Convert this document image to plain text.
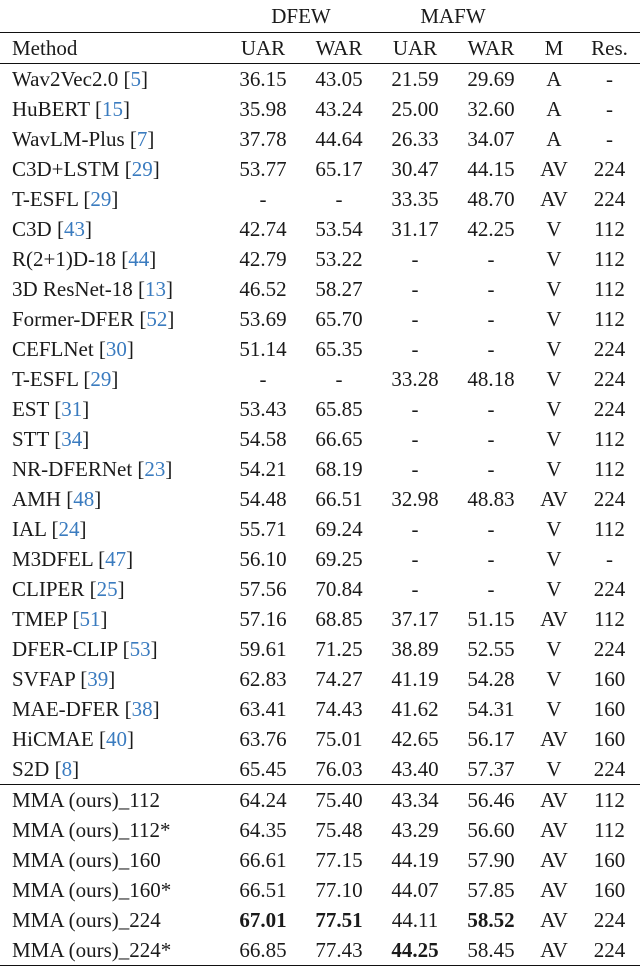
	DFEW		MAFW			
Method	UAR	WAR	UAR	WAR	M	Res.
Wav2Vec2.0 [5]	36.15	43.05	21.59	29.69	A	-
HuBERT [15]	35.98	43.24	25.00	32.60	A	-
WavLM-Plus [7]	37.78	44.64	26.33	34.07	A	-
C3D+LSTM [29]	53.77	65.17	30.47	44.15	AV	224
T-ESFL [29]	-	-	33.35	48.70	AV	224
C3D [43]	42.74	53.54	31.17	42.25	V	112
R(2+1)D-18 [44]	42.79	53.22	-	-	V	112
3D ResNet-18 [13]	46.52	58.27	-	-	V	112
Former-DFER [52]	53.69	65.70	-	-	V	112
CEFLNet [30]	51.14	65.35	-	-	V	224
T-ESFL [29]	-	-	33.28	48.18	V	224
EST [31]	53.43	65.85	-	-	V	224
STT [34]	54.58	66.65	-	-	V	112
NR-DFERNet [23]	54.21	68.19	-	-	V	112
AMH [48]	54.48	66.51	32.98	48.83	AV	224
IAL [24]	55.71	69.24	-	-	V	112
M3DFEL [47]	56.10	69.25	-	-	V	-
CLIPER [25]	57.56	70.84	-	-	V	224
TMEP [51]	57.16	68.85	37.17	51.15	AV	112
DFER-CLIP [53]	59.61	71.25	38.89	52.55	V	224
SVFAP [39]	62.83	74.27	41.19	54.28	V	160
MAE-DFER [38]	63.41	74.43	41.62	54.31	V	160
HiCMAE [40]	63.76	75.01	42.65	56.17	AV	160
S2D [8]	65.45	76.03	43.40	57.37	V	224
MMA (ours)_112	64.24	75.40	43.34	56.46	AV	112
MMA (ours)_112*	64.35	75.48	43.29	56.60	AV	112
MMA (ours)_160	66.61	77.15	44.19	57.90	AV	160
MMA (ours)_160*	66.51	77.10	44.07	57.85	AV	160
MMA (ours)_224	67.01	77.51	44.11	58.52	AV	224
MMA (ours)_224*	66.85	77.43	44.25	58.45	AV	224
